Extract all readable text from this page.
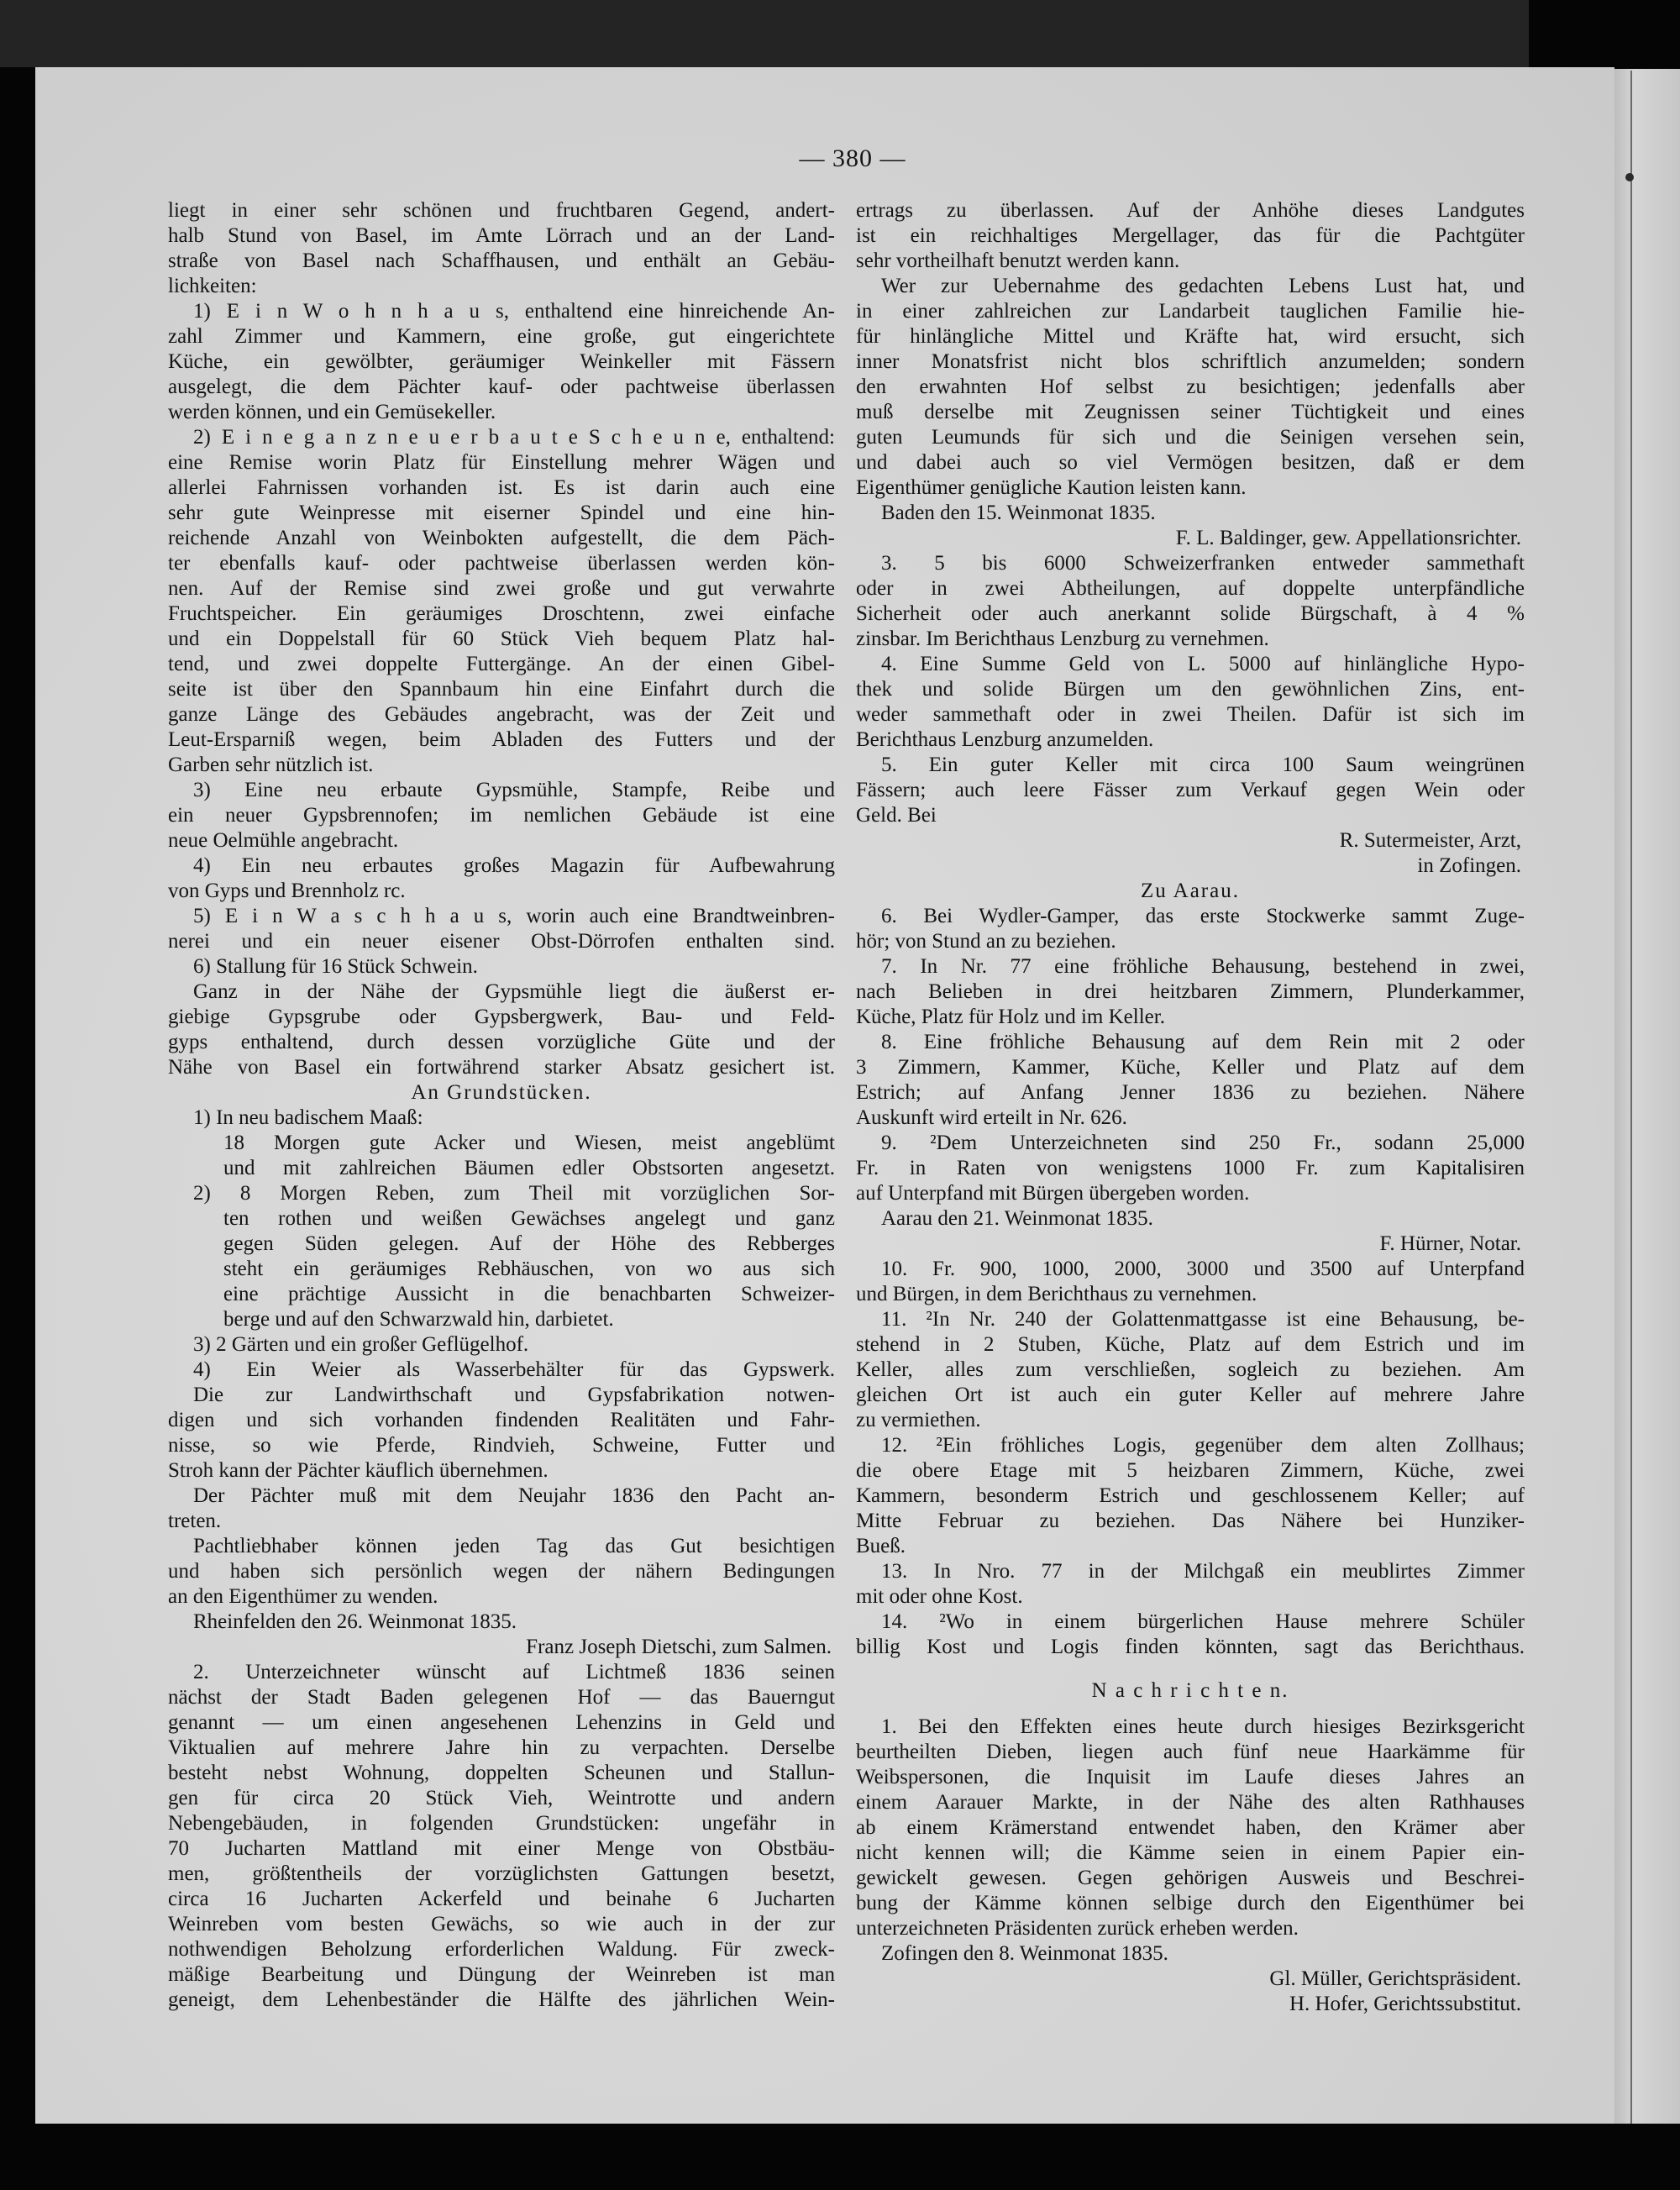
— 380 —
liegt in einer sehr schönen und fruchtbaren Gegend, andert-
halb Stund von Basel, im Amte Lörrach und an der Land-
straße von Basel nach Schaffhausen, und enthält an Gebäu-
lichkeiten:
1) E i n W o h n h a u s, enthaltend eine hinreichende An-
zahl Zimmer und Kammern, eine große, gut eingerichtete
Küche, ein gewölbter, geräumiger Weinkeller mit Fässern
ausgelegt, die dem Pächter kauf- oder pachtweise überlassen
werden können, und ein Gemüsekeller.
2) E i n e g a n z n e u e r b a u t e S c h e u n e, enthaltend:
eine Remise worin Platz für Einstellung mehrer Wägen und
allerlei Fahrnissen vorhanden ist. Es ist darin auch eine
sehr gute Weinpresse mit eiserner Spindel und eine hin-
reichende Anzahl von Weinbokten aufgestellt, die dem Päch-
ter ebenfalls kauf- oder pachtweise überlassen werden kön-
nen. Auf der Remise sind zwei große und gut verwahrte
Fruchtspeicher. Ein geräumiges Droschtenn, zwei einfache
und ein Doppelstall für 60 Stück Vieh bequem Platz hal-
tend, und zwei doppelte Futtergänge. An der einen Gibel-
seite ist über den Spannbaum hin eine Einfahrt durch die
ganze Länge des Gebäudes angebracht, was der Zeit und
Leut-Ersparniß wegen, beim Abladen des Futters und der
Garben sehr nützlich ist.
3) Eine neu erbaute Gypsmühle, Stampfe, Reibe und
ein neuer Gypsbrennofen; im nemlichen Gebäude ist eine
neue Oelmühle angebracht.
4) Ein neu erbautes großes Magazin für Aufbewahrung
von Gyps und Brennholz rc.
5) E i n W a s c h h a u s, worin auch eine Brandtweinbren-
nerei und ein neuer eisener Obst-Dörrofen enthalten sind.
6) Stallung für 16 Stück Schwein.
Ganz in der Nähe der Gypsmühle liegt die äußerst er-
giebige Gypsgrube oder Gypsbergwerk, Bau- und Feld-
gyps enthaltend, durch dessen vorzügliche Güte und der
Nähe von Basel ein fortwährend starker Absatz gesichert ist.
An Grundstücken.
1) In neu badischem Maaß:
18 Morgen gute Acker und Wiesen, meist angeblümt
und mit zahlreichen Bäumen edler Obstsorten angesetzt.
2) 8 Morgen Reben, zum Theil mit vorzüglichen Sor-
ten rothen und weißen Gewächses angelegt und ganz
gegen Süden gelegen. Auf der Höhe des Rebberges
steht ein geräumiges Rebhäuschen, von wo aus sich
eine prächtige Aussicht in die benachbarten Schweizer-
berge und auf den Schwarzwald hin, darbietet.
3) 2 Gärten und ein großer Geflügelhof.
4) Ein Weier als Wasserbehälter für das Gypswerk.
Die zur Landwirthschaft und Gypsfabrikation notwen-
digen und sich vorhanden findenden Realitäten und Fahr-
nisse, so wie Pferde, Rindvieh, Schweine, Futter und
Stroh kann der Pächter käuflich übernehmen.
Der Pächter muß mit dem Neujahr 1836 den Pacht an-
treten.
Pachtliebhaber können jeden Tag das Gut besichtigen
und haben sich persönlich wegen der nähern Bedingungen
an den Eigenthümer zu wenden.
Rheinfelden den 26. Weinmonat 1835.
Franz Joseph Dietschi, zum Salmen.
2. Unterzeichneter wünscht auf Lichtmeß 1836 seinen
nächst der Stadt Baden gelegenen Hof — das Bauerngut
genannt — um einen angesehenen Lehenzins in Geld und
Viktualien auf mehrere Jahre hin zu verpachten. Derselbe
besteht nebst Wohnung, doppelten Scheunen und Stallun-
gen für circa 20 Stück Vieh, Weintrotte und andern
Nebengebäuden, in folgenden Grundstücken: ungefähr in
70 Jucharten Mattland mit einer Menge von Obstbäu-
men, größtentheils der vorzüglichsten Gattungen besetzt,
circa 16 Jucharten Ackerfeld und beinahe 6 Jucharten
Weinreben vom besten Gewächs, so wie auch in der zur
nothwendigen Beholzung erforderlichen Waldung. Für zweck-
mäßige Bearbeitung und Düngung der Weinreben ist man
geneigt, dem Lehenbeständer die Hälfte des jährlichen Wein-
ertrags zu überlassen. Auf der Anhöhe dieses Landgutes
ist ein reichhaltiges Mergellager, das für die Pachtgüter
sehr vortheilhaft benutzt werden kann.
Wer zur Uebernahme des gedachten Lebens Lust hat, und
in einer zahlreichen zur Landarbeit tauglichen Familie hie-
für hinlängliche Mittel und Kräfte hat, wird ersucht, sich
inner Monatsfrist nicht blos schriftlich anzumelden; sondern
den erwahnten Hof selbst zu besichtigen; jedenfalls aber
muß derselbe mit Zeugnissen seiner Tüchtigkeit und eines
guten Leumunds für sich und die Seinigen versehen sein,
und dabei auch so viel Vermögen besitzen, daß er dem
Eigenthümer genügliche Kaution leisten kann.
Baden den 15. Weinmonat 1835.
F. L. Baldinger, gew. Appellationsrichter.
3. 5 bis 6000 Schweizerfranken entweder sammethaft
oder in zwei Abtheilungen, auf doppelte unterpfändliche
Sicherheit oder auch anerkannt solide Bürgschaft, à 4 %
zinsbar. Im Berichthaus Lenzburg zu vernehmen.
4. Eine Summe Geld von L. 5000 auf hinlängliche Hypo-
thek und solide Bürgen um den gewöhnlichen Zins, ent-
weder sammethaft oder in zwei Theilen. Dafür ist sich im
Berichthaus Lenzburg anzumelden.
5. Ein guter Keller mit circa 100 Saum weingrünen
Fässern; auch leere Fässer zum Verkauf gegen Wein oder
Geld. Bei
R. Sutermeister, Arzt,
in Zofingen.
Zu Aarau.
6. Bei Wydler-Gamper, das erste Stockwerke sammt Zuge-
hör; von Stund an zu beziehen.
7. In Nr. 77 eine fröhliche Behausung, bestehend in zwei,
nach Belieben in drei heitzbaren Zimmern, Plunderkammer,
Küche, Platz für Holz und im Keller.
8. Eine fröhliche Behausung auf dem Rein mit 2 oder
3 Zimmern, Kammer, Küche, Keller und Platz auf dem
Estrich; auf Anfang Jenner 1836 zu beziehen. Nähere
Auskunft wird erteilt in Nr. 626.
9. ²Dem Unterzeichneten sind 250 Fr., sodann 25,000
Fr. in Raten von wenigstens 1000 Fr. zum Kapitalisiren
auf Unterpfand mit Bürgen übergeben worden.
Aarau den 21. Weinmonat 1835.
F. Hürner, Notar.
10. Fr. 900, 1000, 2000, 3000 und 3500 auf Unterpfand
und Bürgen, in dem Berichthaus zu vernehmen.
11. ²In Nr. 240 der Golattenmattgasse ist eine Behausung, be-
stehend in 2 Stuben, Küche, Platz auf dem Estrich und im
Keller, alles zum verschließen, sogleich zu beziehen. Am
gleichen Ort ist auch ein guter Keller auf mehrere Jahre
zu vermiethen.
12. ²Ein fröhliches Logis, gegenüber dem alten Zollhaus;
die obere Etage mit 5 heizbaren Zimmern, Küche, zwei
Kammern, besonderm Estrich und geschlossenem Keller; auf
Mitte Februar zu beziehen. Das Nähere bei Hunziker-
Bueß.
13. In Nro. 77 in der Milchgaß ein meublirtes Zimmer
mit oder ohne Kost.
14. ²Wo in einem bürgerlichen Hause mehrere Schüler
billig Kost und Logis finden könnten, sagt das Berichthaus.
N a c h r i c h t e n.
1. Bei den Effekten eines heute durch hiesiges Bezirksgericht
beurtheilten Dieben, liegen auch fünf neue Haarkämme für
Weibspersonen, die Inquisit im Laufe dieses Jahres an
einem Aarauer Markte, in der Nähe des alten Rathhauses
ab einem Krämerstand entwendet haben, den Krämer aber
nicht kennen will; die Kämme seien in einem Papier ein-
gewickelt gewesen. Gegen gehörigen Ausweis und Beschrei-
bung der Kämme können selbige durch den Eigenthümer bei
unterzeichneten Präsidenten zurück erheben werden.
Zofingen den 8. Weinmonat 1835.
Gl. Müller, Gerichtspräsident.
H. Hofer, Gerichtssubstitut.
